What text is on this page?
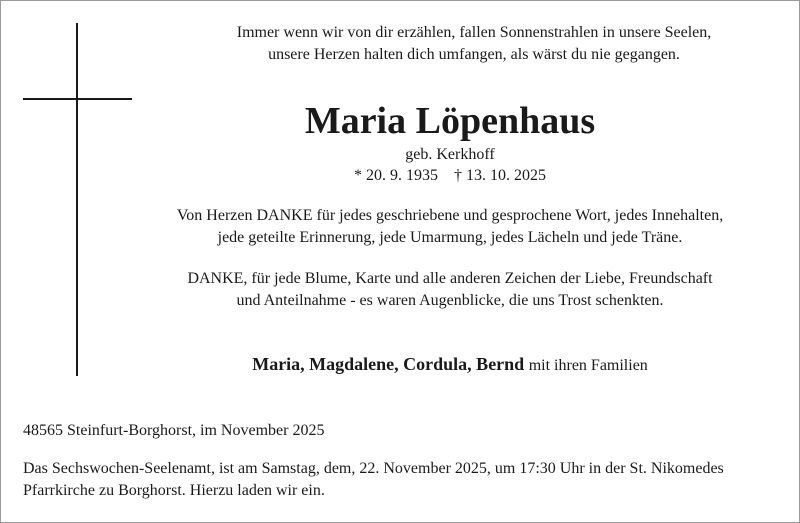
Immer wenn wir von dir erzählen, fallen Sonnenstrahlen in unsere Seelen,
unsere Herzen halten dich umfangen, als wärst du nie gegangen.
Maria Löpenhaus
geb. Kerkhoff
* 20. 9. 1935 † 13. 10. 2025
Von Herzen DANKE für jedes geschriebene und gesprochene Wort, jedes Innehalten,
jede geteilte Erinnerung, jede Umarmung, jedes Lächeln und jede Träne.
DANKE, für jede Blume, Karte und alle anderen Zeichen der Liebe, Freundschaft
und Anteilnahme - es waren Augenblicke, die uns Trost schenkten.
Maria, Magdalene, Cordula, Bernd mit ihren Familien
48565 Steinfurt-Borghorst, im November 2025
Das Sechswochen-Seelenamt, ist am Samstag, dem, 22. November 2025, um 17:30 Uhr in der St. Nikomedes
Pfarrkirche zu Borghorst. Hierzu laden wir ein.
